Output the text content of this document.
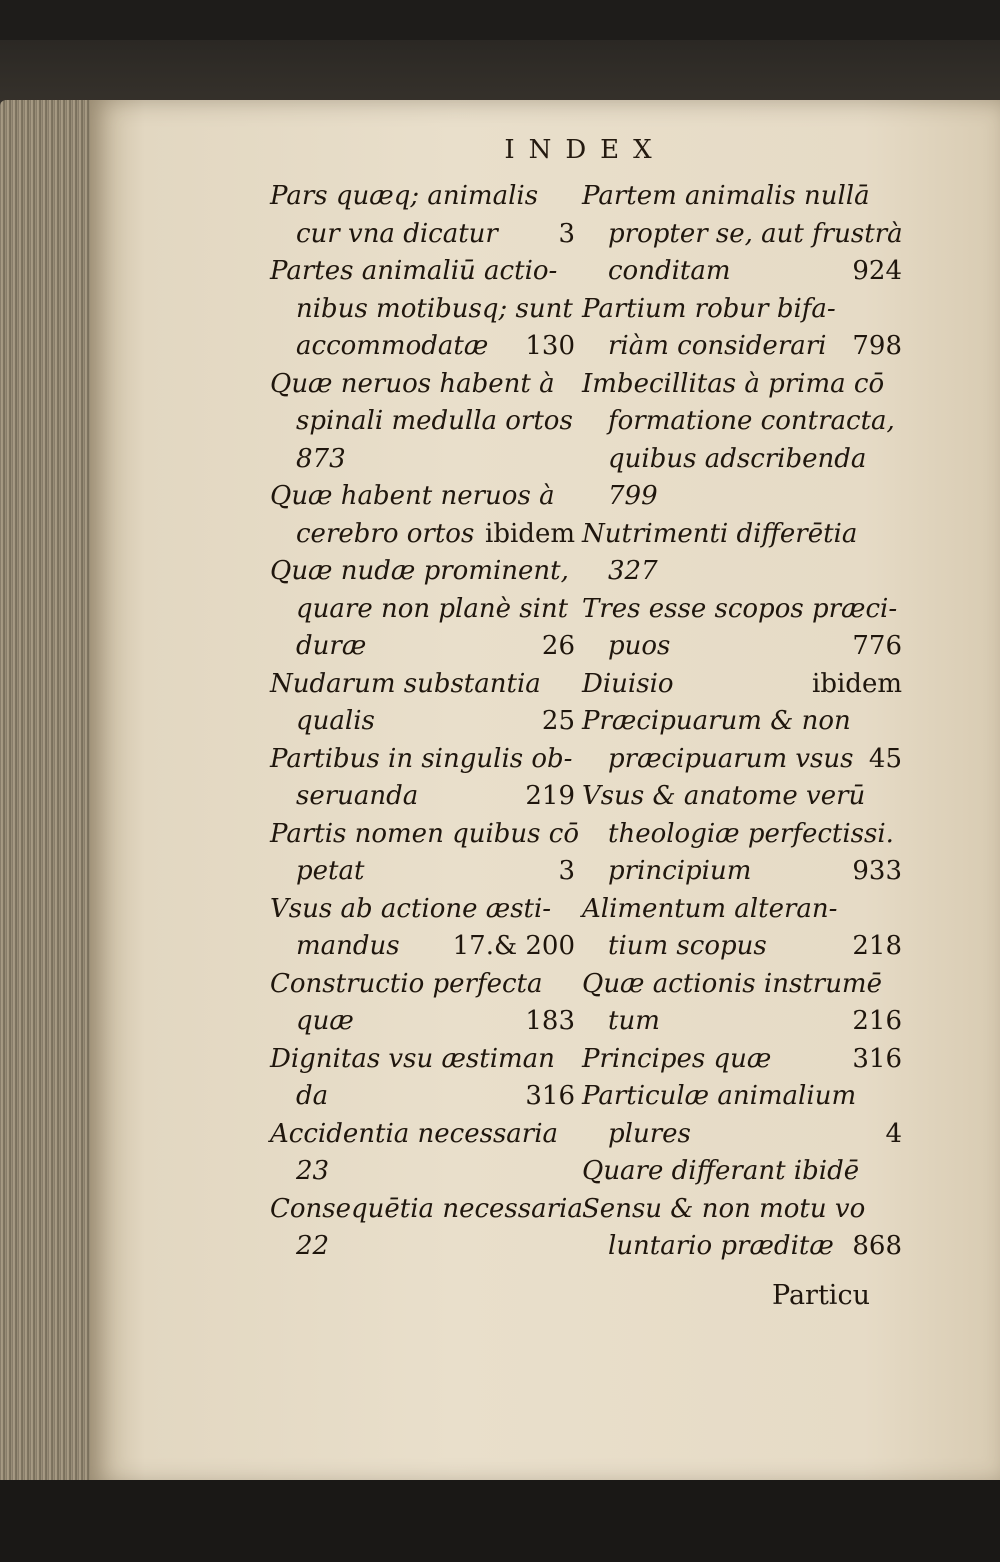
INDEX
Pars quæq; animalis
cur vna dicatur 3
Partes animaliū actio-
nibus motibusq; sunt
accommodatæ 130
Quæ neruos habent à
spinali medulla ortos
873
Quæ habent neruos à
cerebro ortos ibidem
Quæ nudæ prominent,
quare non planè sint
duræ	26
Nudarum substantia
qualis	25
Partibus in singulis ob-
seruanda	219
Partis nomen quibus cō
petat	3
Vsus ab actione æsti-
mandus 17.& 200
Constructio perfecta
quæ	183
Dignitas vsu æstiman
da	316
Accidentia necessaria
23
Consequētia necessaria
22
Partem animalis nullā
propter se, aut frustrà
conditam	924
Partium robur bifa-
riàm considerari 798
Imbecillitas à prima cō
formatione contracta,
quibus adscribenda
799
Nutrimenti differētia
327
Tres esse scopos præci-
puos	776
Diuisio	ibidem
Præcipuarum & non
præcipuarum vsus 45
Vsus & anatome verū
theologiæ perfectissi.
principium	933
Alimentum alteran-
tium scopus	218
Quæ actionis instrumē
tum	216
Principes quæ	316
Particulæ animalium
plures	4
Quare differant ibidē
Sensu & non motu vo
luntario præditæ 868
Particu
